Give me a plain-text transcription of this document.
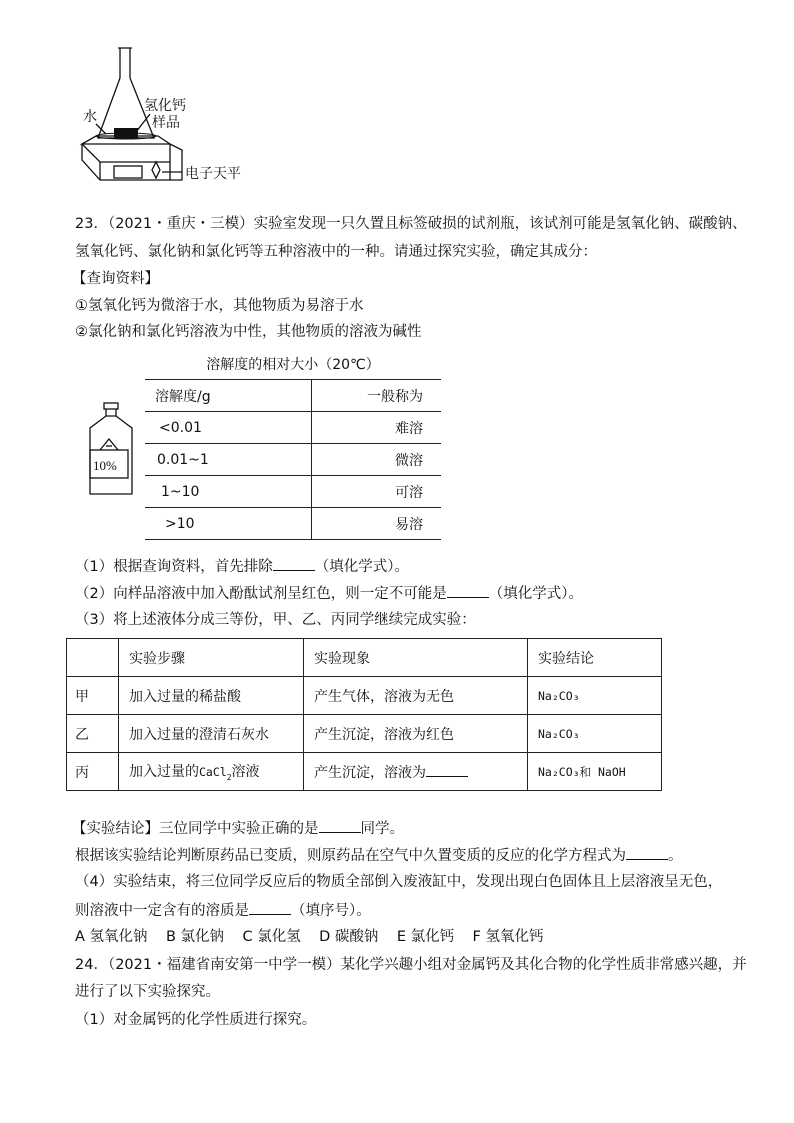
水
氢化钙
样品
电子天平
23．（2021・重庆・三模）实验室发现一只久置且标签破损的试剂瓶，该试剂可能是氢氧化钠、碳酸钠、
氢氧化钙、氯化钠和氯化钙等五种溶液中的一种。请通过探究实验，确定其成分：
【查询资料】
①氢氧化钙为微溶于水，其他物质为易溶于水
②氯化钠和氯化钙溶液为中性，其他物质的溶液为碱性
10%
溶解度的相对大小（20℃）
溶解度/g	一般称为
<0.01	难溶
0.01~1	微溶
1~10	可溶
>10	易溶
（1）根据查询资料，首先排除	（填化学式）。
（2）向样品溶液中加入酚酞试剂呈红色，则一定不可能是	（填化学式）。
（3）将上述液体分成三等份，甲、乙、丙同学继续完成实验：
	实验步骤	实验现象	实验结论
甲	加入过量的稀盐酸	产生气体，溶液为无色	Na₂CO₃
乙	加入过量的澄清石灰水	产生沉淀，溶液为红色	Na₂CO₃
丙	加入过量的CaCl$_2$溶液	产生沉淀，溶液为	Na₂CO₃和 NaOH
【实验结论】三位同学中实验正确的是	同学。
根据该实验结论判断原药品已变质，则原药品在空气中久置变质的反应的化学方程式为	。
（4）实验结束，将三位同学反应后的物质全部倒入废液缸中，发现出现白色固体且上层溶液呈无色，
则溶液中一定含有的溶质是	（填序号）。
A 氢氧化钠    B 氯化钠    C 氯化氢    D 碳酸钠    E 氯化钙    F 氢氧化钙
24．（2021・福建省南安第一中学一模）某化学兴趣小组对金属钙及其化合物的化学性质非常感兴趣，并
进行了以下实验探究。
（1）对金属钙的化学性质进行探究。
